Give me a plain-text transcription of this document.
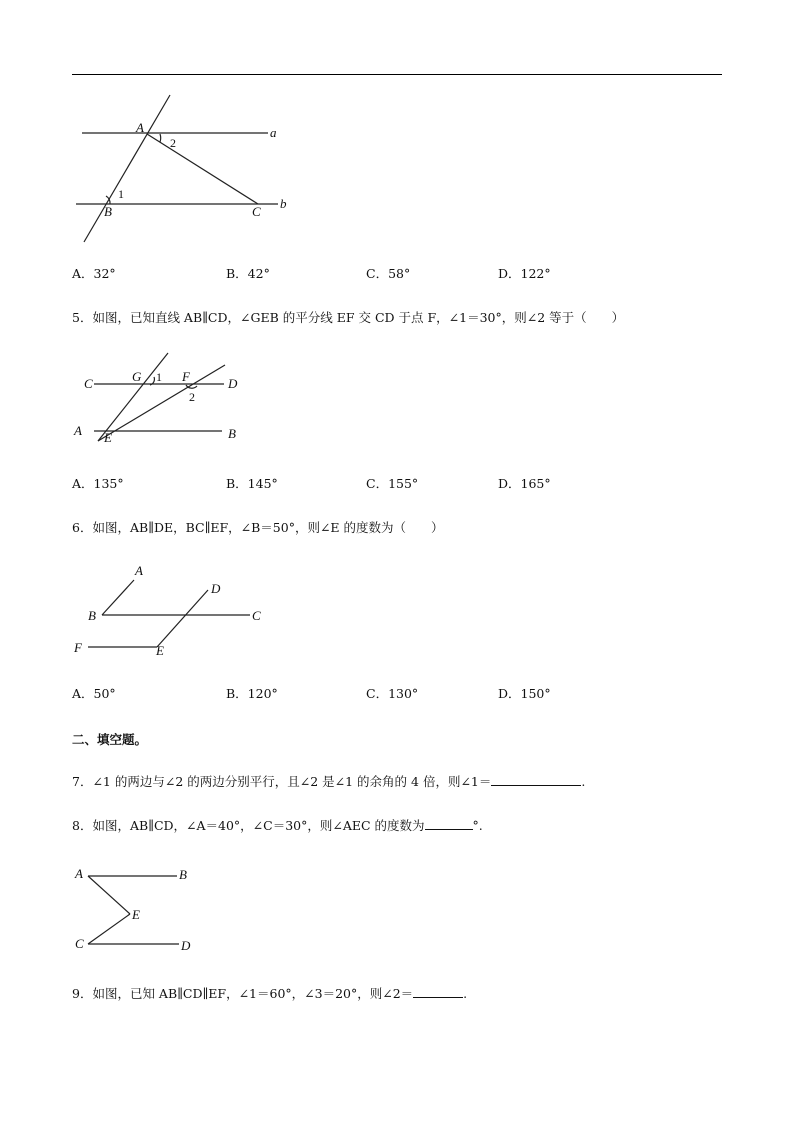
A
2
a
1
B	C
b
A．32°	B．42°	C．58°	D．122°
5．如图，已知直线 AB∥CD，∠GEB 的平分线 EF 交 CD 于点 F，∠1＝30°，则∠2 等于（　　）
C	G 1 F	D
2
A E	B
A．135°	B．145°	C．155°	D．165°
6．如图，AB∥DE，BC∥EF，∠B＝50°，则∠E 的度数为（　　）
A
D
B	C
F	E
A．50°	B．120°	C．130°	D．150°
二、填空题。
7．∠1 的两边与∠2 的两边分别平行，且∠2 是∠1 的余角的 4 倍，则∠1＝	.
8．如图，AB∥CD，∠A＝40°，∠C＝30°，则∠AEC 的度数为	°.
A	B
E
C	D
9．如图，已知 AB∥CD∥EF，∠1＝60°，∠3＝20°，则∠2＝	.
